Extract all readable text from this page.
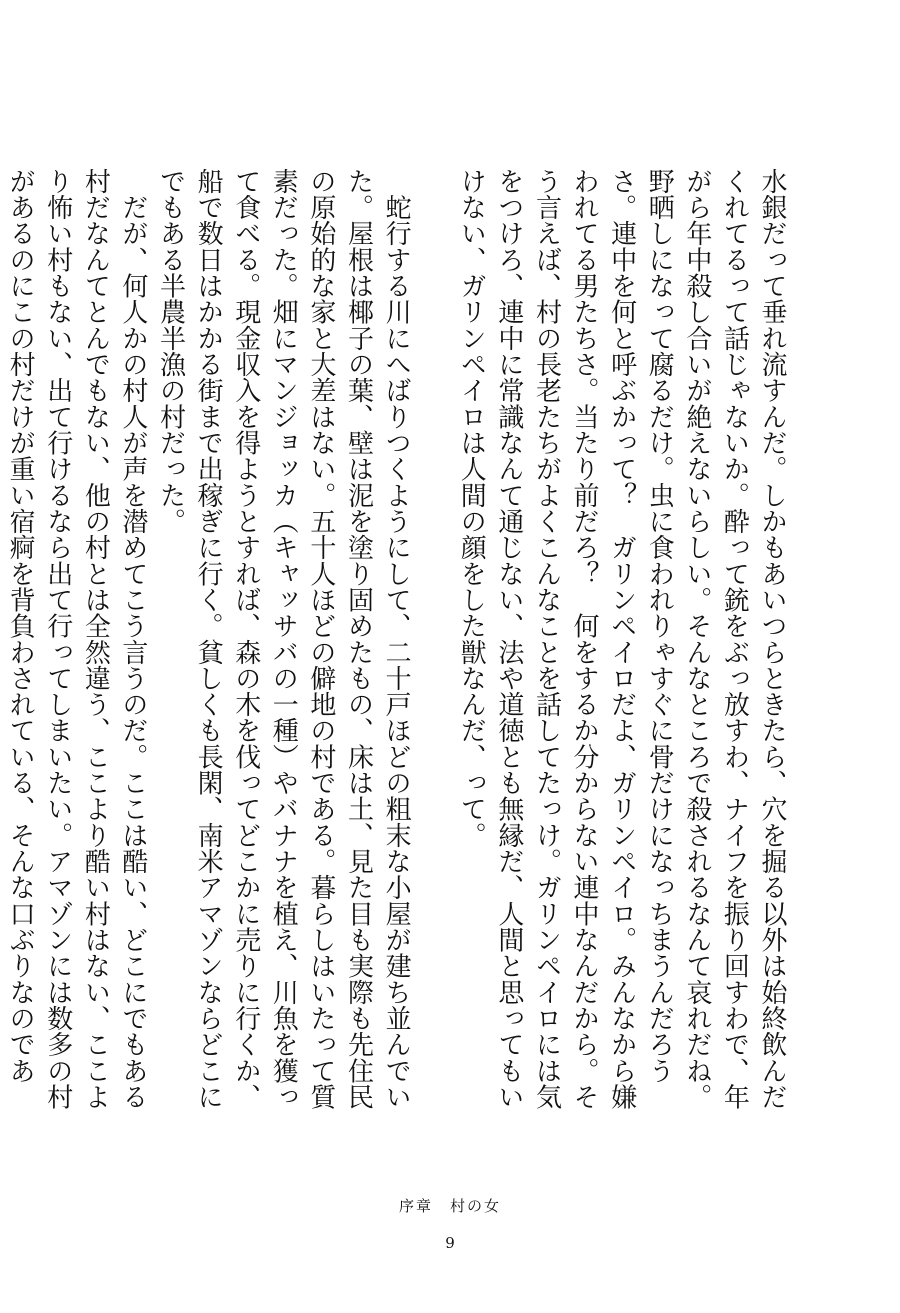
水銀だって垂れ流すんだ。しかもあいつらときたら、穴を掘る以外は始終飲んだくれてるって話じゃないか。酔って銃をぶっ放すわ、ナイフを振り回すわで、年がら年中殺し合いが絶えないらしい。そんなところで殺されるなんて哀れだね。野晒しになって腐るだけ。虫に食われりゃすぐに骨だけになっちまうんだろうさ。連中を何と呼ぶかって？　ガリンペイロだよ、ガリンペイロ。みんなから嫌われてる男たちさ。当たり前だろ？　何をするか分からない連中なんだから。そう言えば、村の長老たちがよくこんなことを話してたっけ。ガリンペイロには気をつけろ、連中に常識なんて通じない、法や道徳とも無縁だ、人間と思ってもいけない、ガリンペイロは人間の顔をした獣なんだ、って。

　蛇行する川にへばりつくようにして、二十戸ほどの粗末な小屋が建ち並んでいた。屋根は椰子の葉、壁は泥を塗り固めたもの、床は土、見た目も実際も先住民の原始的な家と大差はない。五十人ほどの僻地の村である。暮らしはいたって質素だった。畑にマンジョッカ（キャッサバの一種）やバナナを植え、川魚を獲って食べる。現金収入を得ようとすれば、森の木を伐ってどこかに売りに行くか、船で数日はかかる街まで出稼ぎに行く。貧しくも長閑、南米アマゾンならどこにでもある半農半漁の村だった。

　だが、何人かの村人が声を潜めてこう言うのだ。ここは酷い、どこにでもある村だなんてとんでもない、他の村とは全然違う、ここより酷い村はない、ここより怖い村もない、出て行けるなら出て行ってしまいたい。アマゾンには数多の村があるのにこの村だけが重い宿痾を背負わされている、そんな口ぶりなのであ

序章　村の女
9
